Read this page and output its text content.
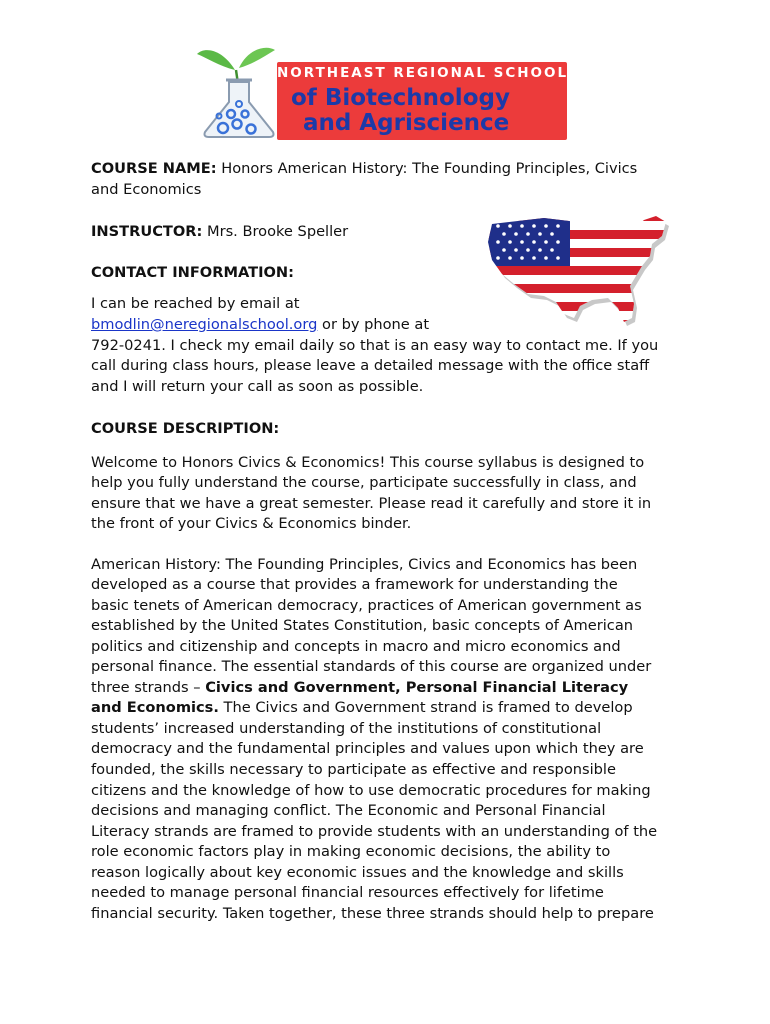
NORTHEAST REGIONAL SCHOOL
of Biotechnology
and Agriscience
COURSE NAME: Honors American History: The Founding Principles, Civics
and Economics
INSTRUCTOR: Mrs. Brooke Speller
CONTACT INFORMATION:
I can be reached by email at
bmodlin@neregionalschool.org or by phone at
792-0241. I check my email daily so that is an easy way to contact me. If you
call during class hours, please leave a detailed message with the office staff
and I will return your call as soon as possible.
COURSE DESCRIPTION:
Welcome to Honors Civics & Economics! This course syllabus is designed to
help you fully understand the course, participate successfully in class, and
ensure that we have a great semester. Please read it carefully and store it in
the front of your Civics & Economics binder.
American History: The Founding Principles, Civics and Economics has been
developed as a course that provides a framework for understanding the
basic tenets of American democracy, practices of American government as
established by the United States Constitution, basic concepts of American
politics and citizenship and concepts in macro and micro economics and
personal finance. The essential standards of this course are organized under
three strands – Civics and Government, Personal Financial Literacy
and Economics. The Civics and Government strand is framed to develop
students’ increased understanding of the institutions of constitutional
democracy and the fundamental principles and values upon which they are
founded, the skills necessary to participate as effective and responsible
citizens and the knowledge of how to use democratic procedures for making
decisions and managing conflict. The Economic and Personal Financial
Literacy strands are framed to provide students with an understanding of the
role economic factors play in making economic decisions, the ability to
reason logically about key economic issues and the knowledge and skills
needed to manage personal financial resources effectively for lifetime
financial security. Taken together, these three strands should help to prepare
